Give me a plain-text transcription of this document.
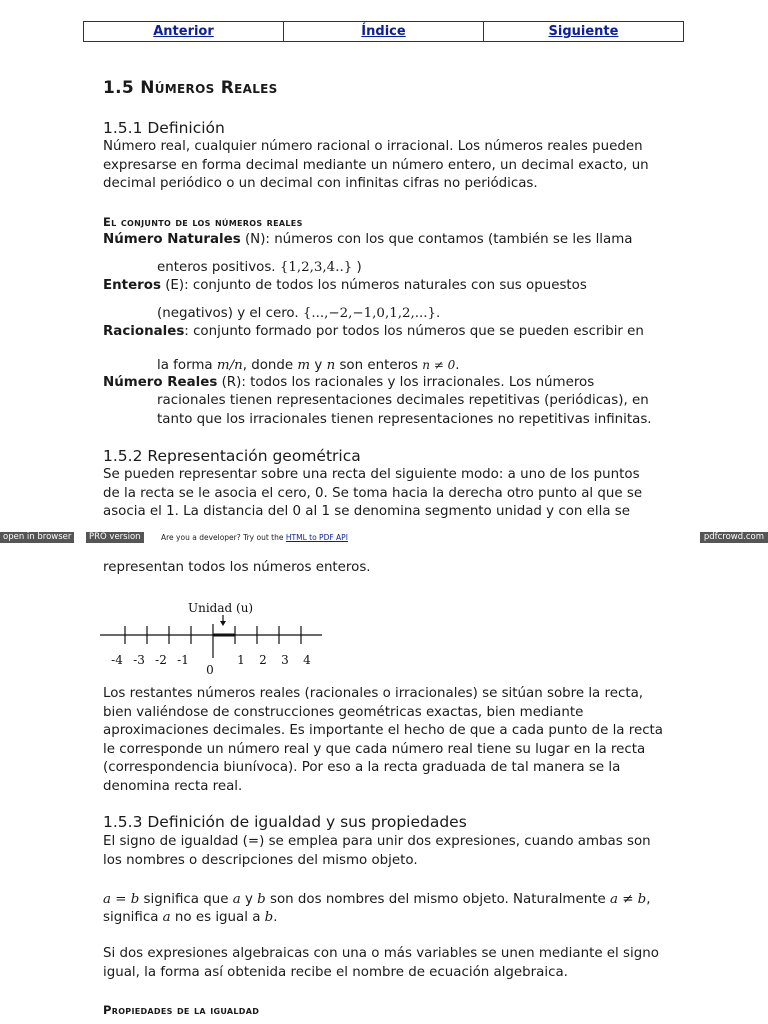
Anterior	Índice	Siguiente
1.5 Números Reales
1.5.1 Definición
Número real, cualquier número racional o irracional. Los números reales pueden
expresarse en forma decimal mediante un número entero, un decimal exacto, un
decimal periódico o un decimal con infinitas cifras no periódicas.
El conjunto de los números reales
Número Naturales (N): números con los que contamos (también se les llama
enteros positivos. {1,2,3,4..} )
Enteros (E): conjunto de todos los números naturales con sus opuestos
(negativos) y el cero. {...,−2,−1,0,1,2,...}.
Racionales: conjunto formado por todos los números que se pueden escribir en
la forma m/n, donde m y n son enteros n ≠ 0.
Número Reales (R): todos los racionales y los irracionales. Los números
racionales tienen representaciones decimales repetitivas (periódicas), en
tanto que los irracionales tienen representaciones no repetitivas infinitas.
1.5.2 Representación geométrica
Se pueden representar sobre una recta del siguiente modo: a uno de los puntos
de la recta se le asocia el cero, 0. Se toma hacia la derecha otro punto al que se
asocia el 1. La distancia del 0 al 1 se denomina segmento unidad y con ella se
open in browser	PRO version	Are you a developer? Try out the HTML to PDF API	pdfcrowd.com
representan todos los números enteros.
Unidad (u)
-4 -3 -2 -1
0
1 2 3 4
Los restantes números reales (racionales o irracionales) se sitúan sobre la recta,
bien valiéndose de construcciones geométricas exactas, bien mediante
aproximaciones decimales. Es importante el hecho de que a cada punto de la recta
le corresponde un número real y que cada número real tiene su lugar en la recta
(correspondencia biunívoca). Por eso a la recta graduada de tal manera se la
denomina recta real.
1.5.3 Definición de igualdad y sus propiedades
El signo de igualdad (=) se emplea para unir dos expresiones, cuando ambas son
los nombres o descripciones del mismo objeto.
a = b significa que a y b son dos nombres del mismo objeto. Naturalmente a ≠ b,
significa a no es igual a b.
Si dos expresiones algebraicas con una o más variables se unen mediante el signo
igual, la forma así obtenida recibe el nombre de ecuación algebraica.
Propiedades de la igualdad
